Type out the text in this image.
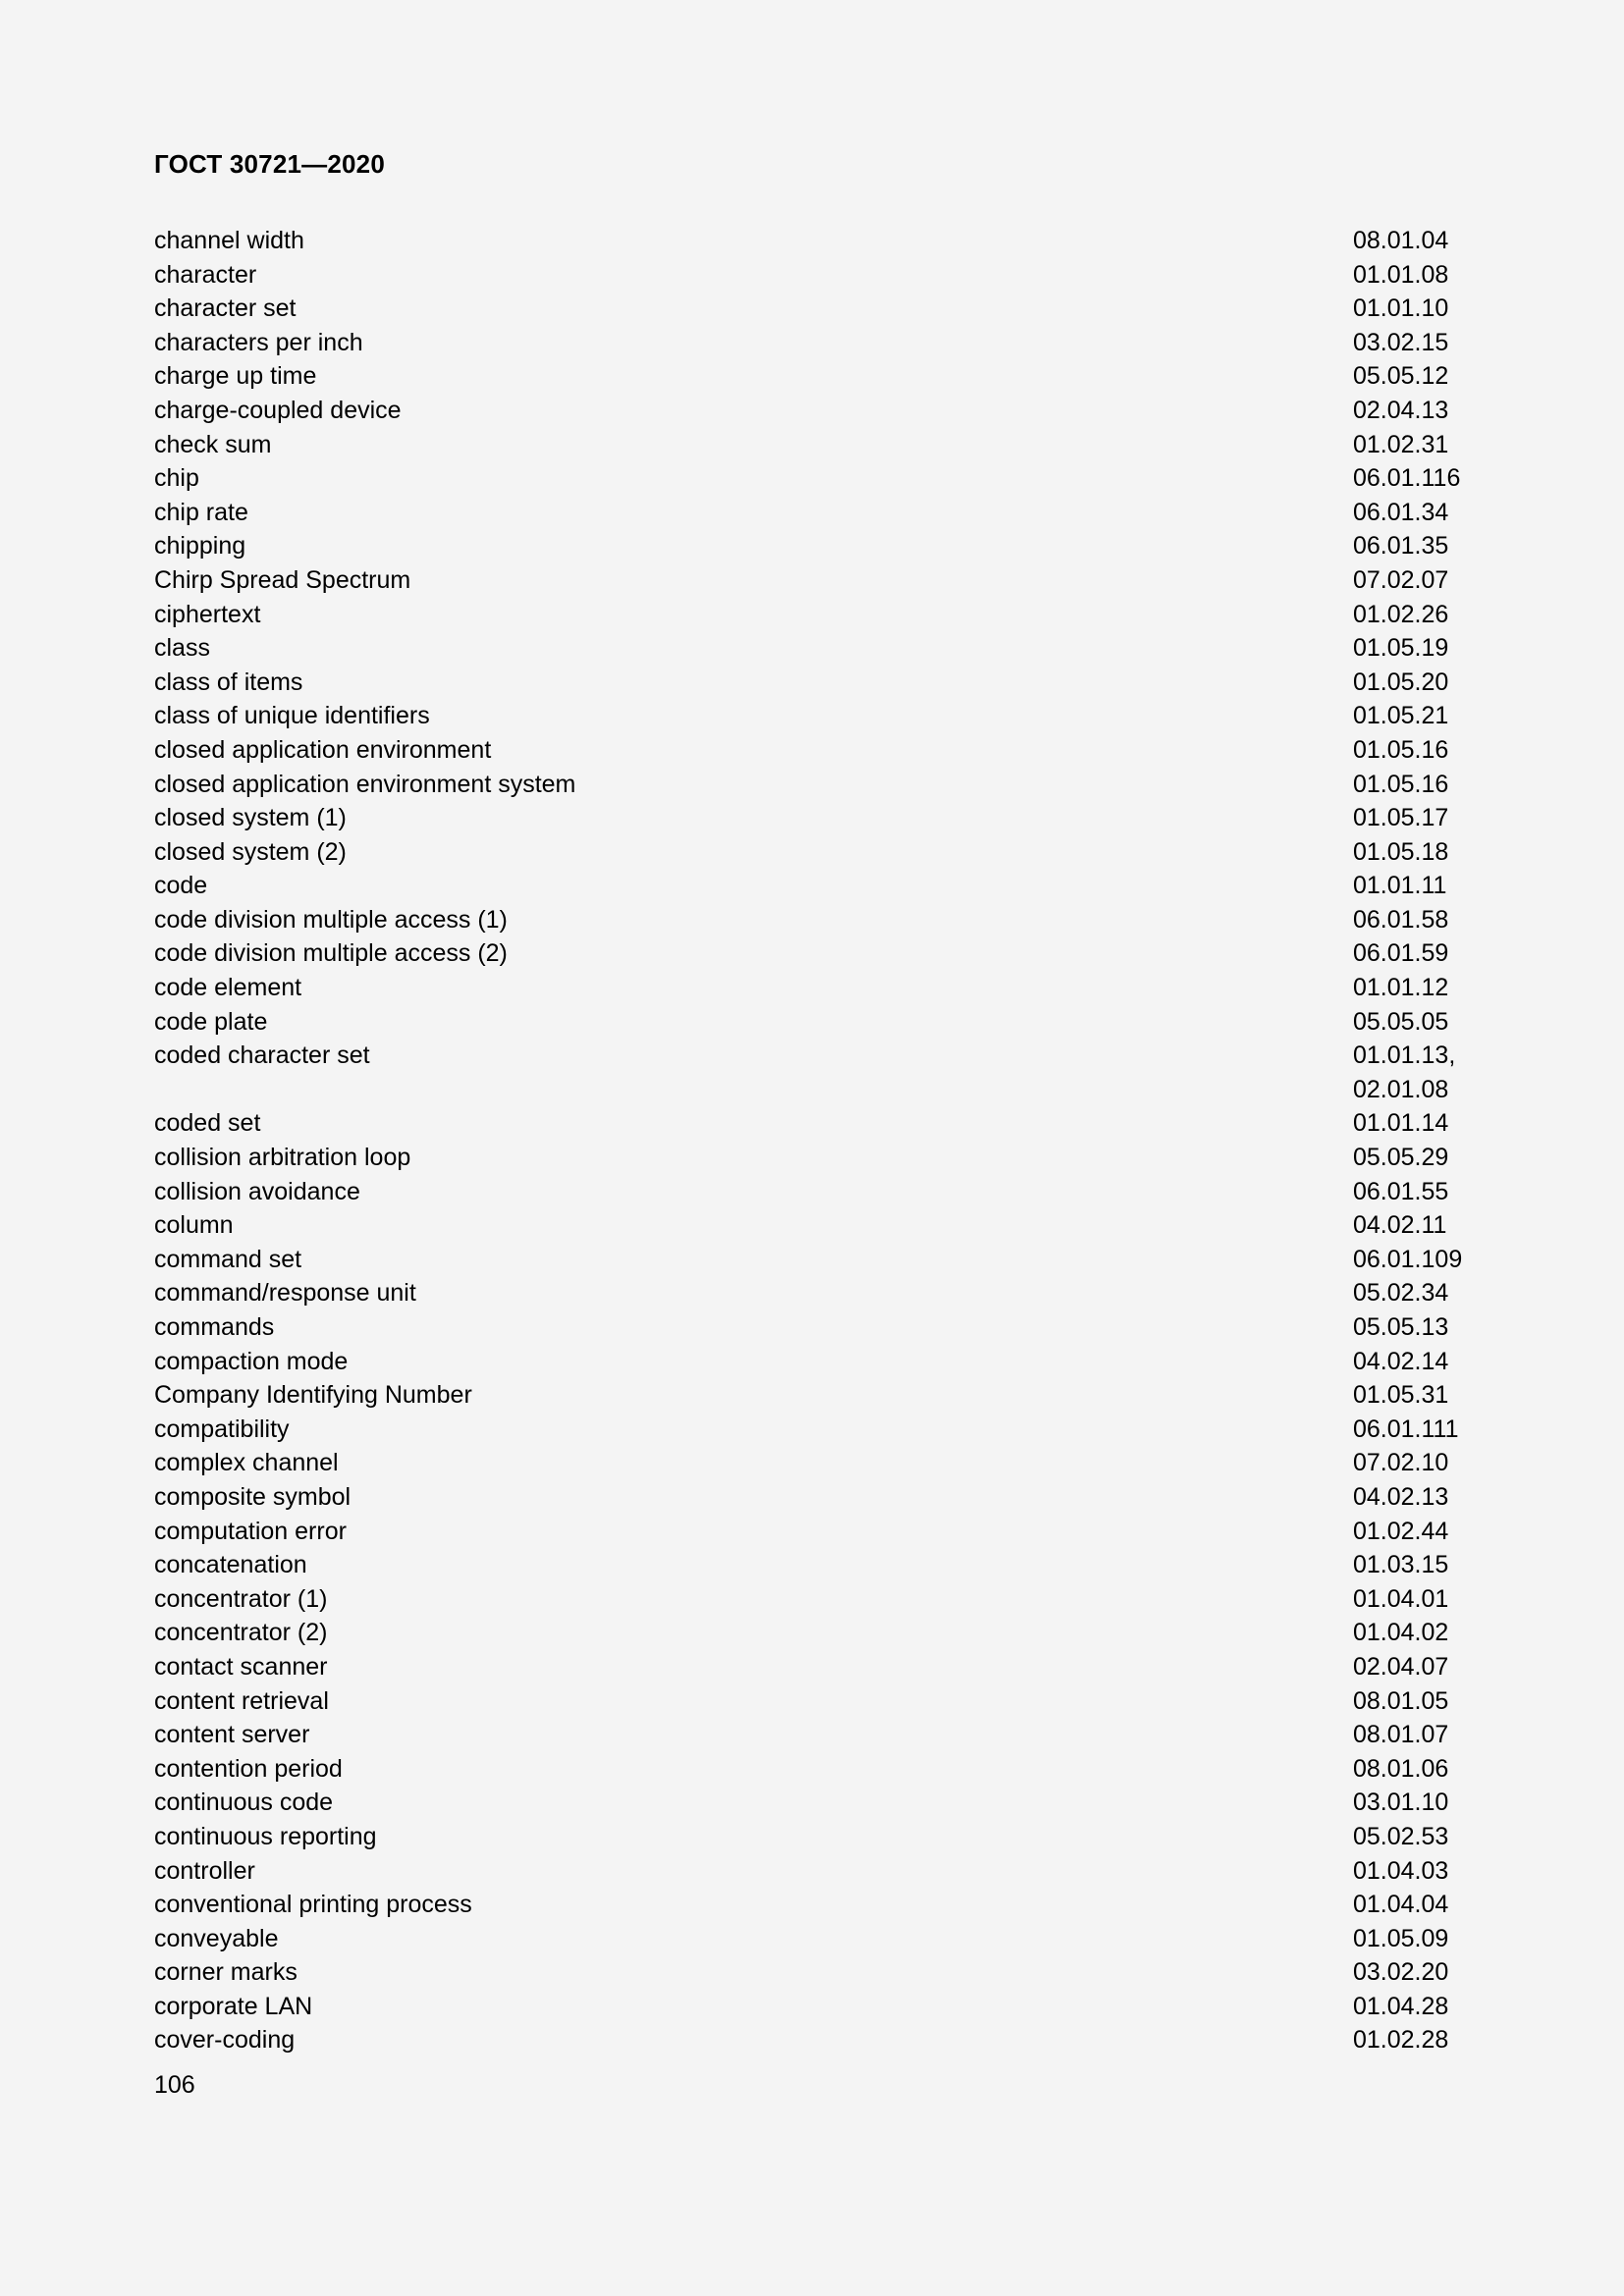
ГОСТ 30721—2020
channel width	08.01.04
character	01.01.08
character set	01.01.10
characters per inch	03.02.15
charge up time	05.05.12
charge-coupled device	02.04.13
check sum	01.02.31
chip	06.01.116
chip rate	06.01.34
chipping	06.01.35
Chirp Spread Spectrum	07.02.07
ciphertext	01.02.26
class	01.05.19
class of items	01.05.20
class of unique identifiers	01.05.21
closed application environment	01.05.16
closed application environment system	01.05.16
closed system (1)	01.05.17
closed system (2)	01.05.18
code	01.01.11
code division multiple access (1)	06.01.58
code division multiple access (2)	06.01.59
code element	01.01.12
code plate	05.05.05
coded character set	01.01.13,
02.01.08
coded set	01.01.14
collision arbitration loop	05.05.29
collision avoidance	06.01.55
column	04.02.11
command set	06.01.109
command/response unit	05.02.34
commands	05.05.13
compaction mode	04.02.14
Company Identifying Number	01.05.31
compatibility	06.01.111
complex channel	07.02.10
composite symbol	04.02.13
computation error	01.02.44
concatenation	01.03.15
concentrator (1)	01.04.01
concentrator (2)	01.04.02
contact scanner	02.04.07
content retrieval	08.01.05
content server	08.01.07
contention period	08.01.06
continuous code	03.01.10
continuous reporting	05.02.53
controller	01.04.03
conventional printing process	01.04.04
conveyable	01.05.09
corner marks	03.02.20
corporate LAN	01.04.28
cover-coding	01.02.28
106
